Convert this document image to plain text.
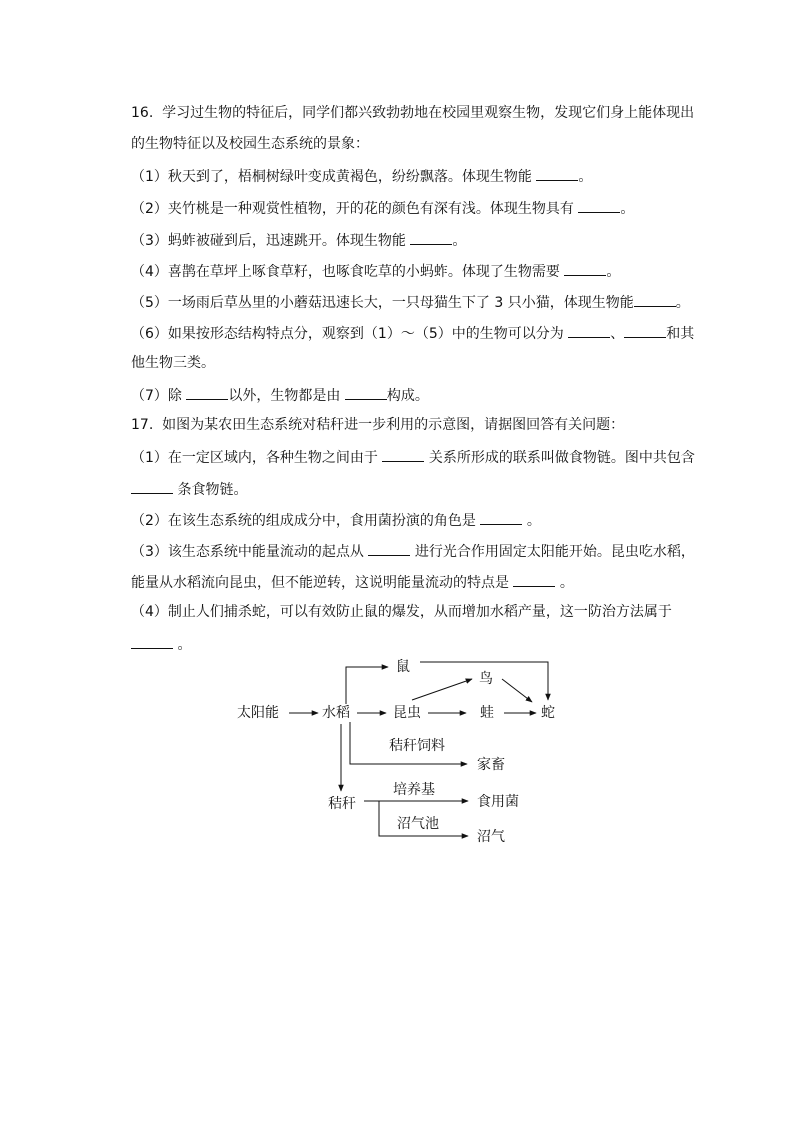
16. 学习过生物的特征后，同学们都兴致勃勃地在校园里观察生物，发现它们身上能体现出
的生物特征以及校园生态系统的景象：
（1）秋天到了，梧桐树绿叶变成黄褐色，纷纷飘落。体现生物能	。
（2）夹竹桃是一种观赏性植物，开的花的颜色有深有浅。体现生物具有	。
（3）蚂蚱被碰到后，迅速跳开。体现生物能	。
（4）喜鹊在草坪上啄食草籽，也啄食吃草的小蚂蚱。体现了生物需要	。
（5）一场雨后草丛里的小蘑菇迅速长大，一只母猫生下了 3 只小猫，体现生物能	。
（6）如果按形态结构特点分，观察到（1）～（5）中的生物可以分为	、	和其
他生物三类。
（7）除	以外，生物都是由	构成。
17. 如图为某农田生态系统对秸秆进一步利用的示意图，请据图回答有关问题：
（1）在一定区域内，各种生物之间由于	关系所形成的联系叫做食物链。图中共包含
条食物链。
（2）在该生态系统的组成成分中，食用菌扮演的角色是	。
（3）该生态系统中能量流动的起点从	进行光合作用固定太阳能开始。昆虫吃水稻，
能量从水稻流向昆虫，但不能逆转，这说明能量流动的特点是	。
（4）制止人们捕杀蛇，可以有效防止鼠的爆发，从而增加水稻产量，这一防治方法属于
。
太阳能	水稻
鼠
昆虫
鸟
蛙	蛇
秸秆饲料
家畜
秸秆
培养基
食用菌
沼气池
沼气
